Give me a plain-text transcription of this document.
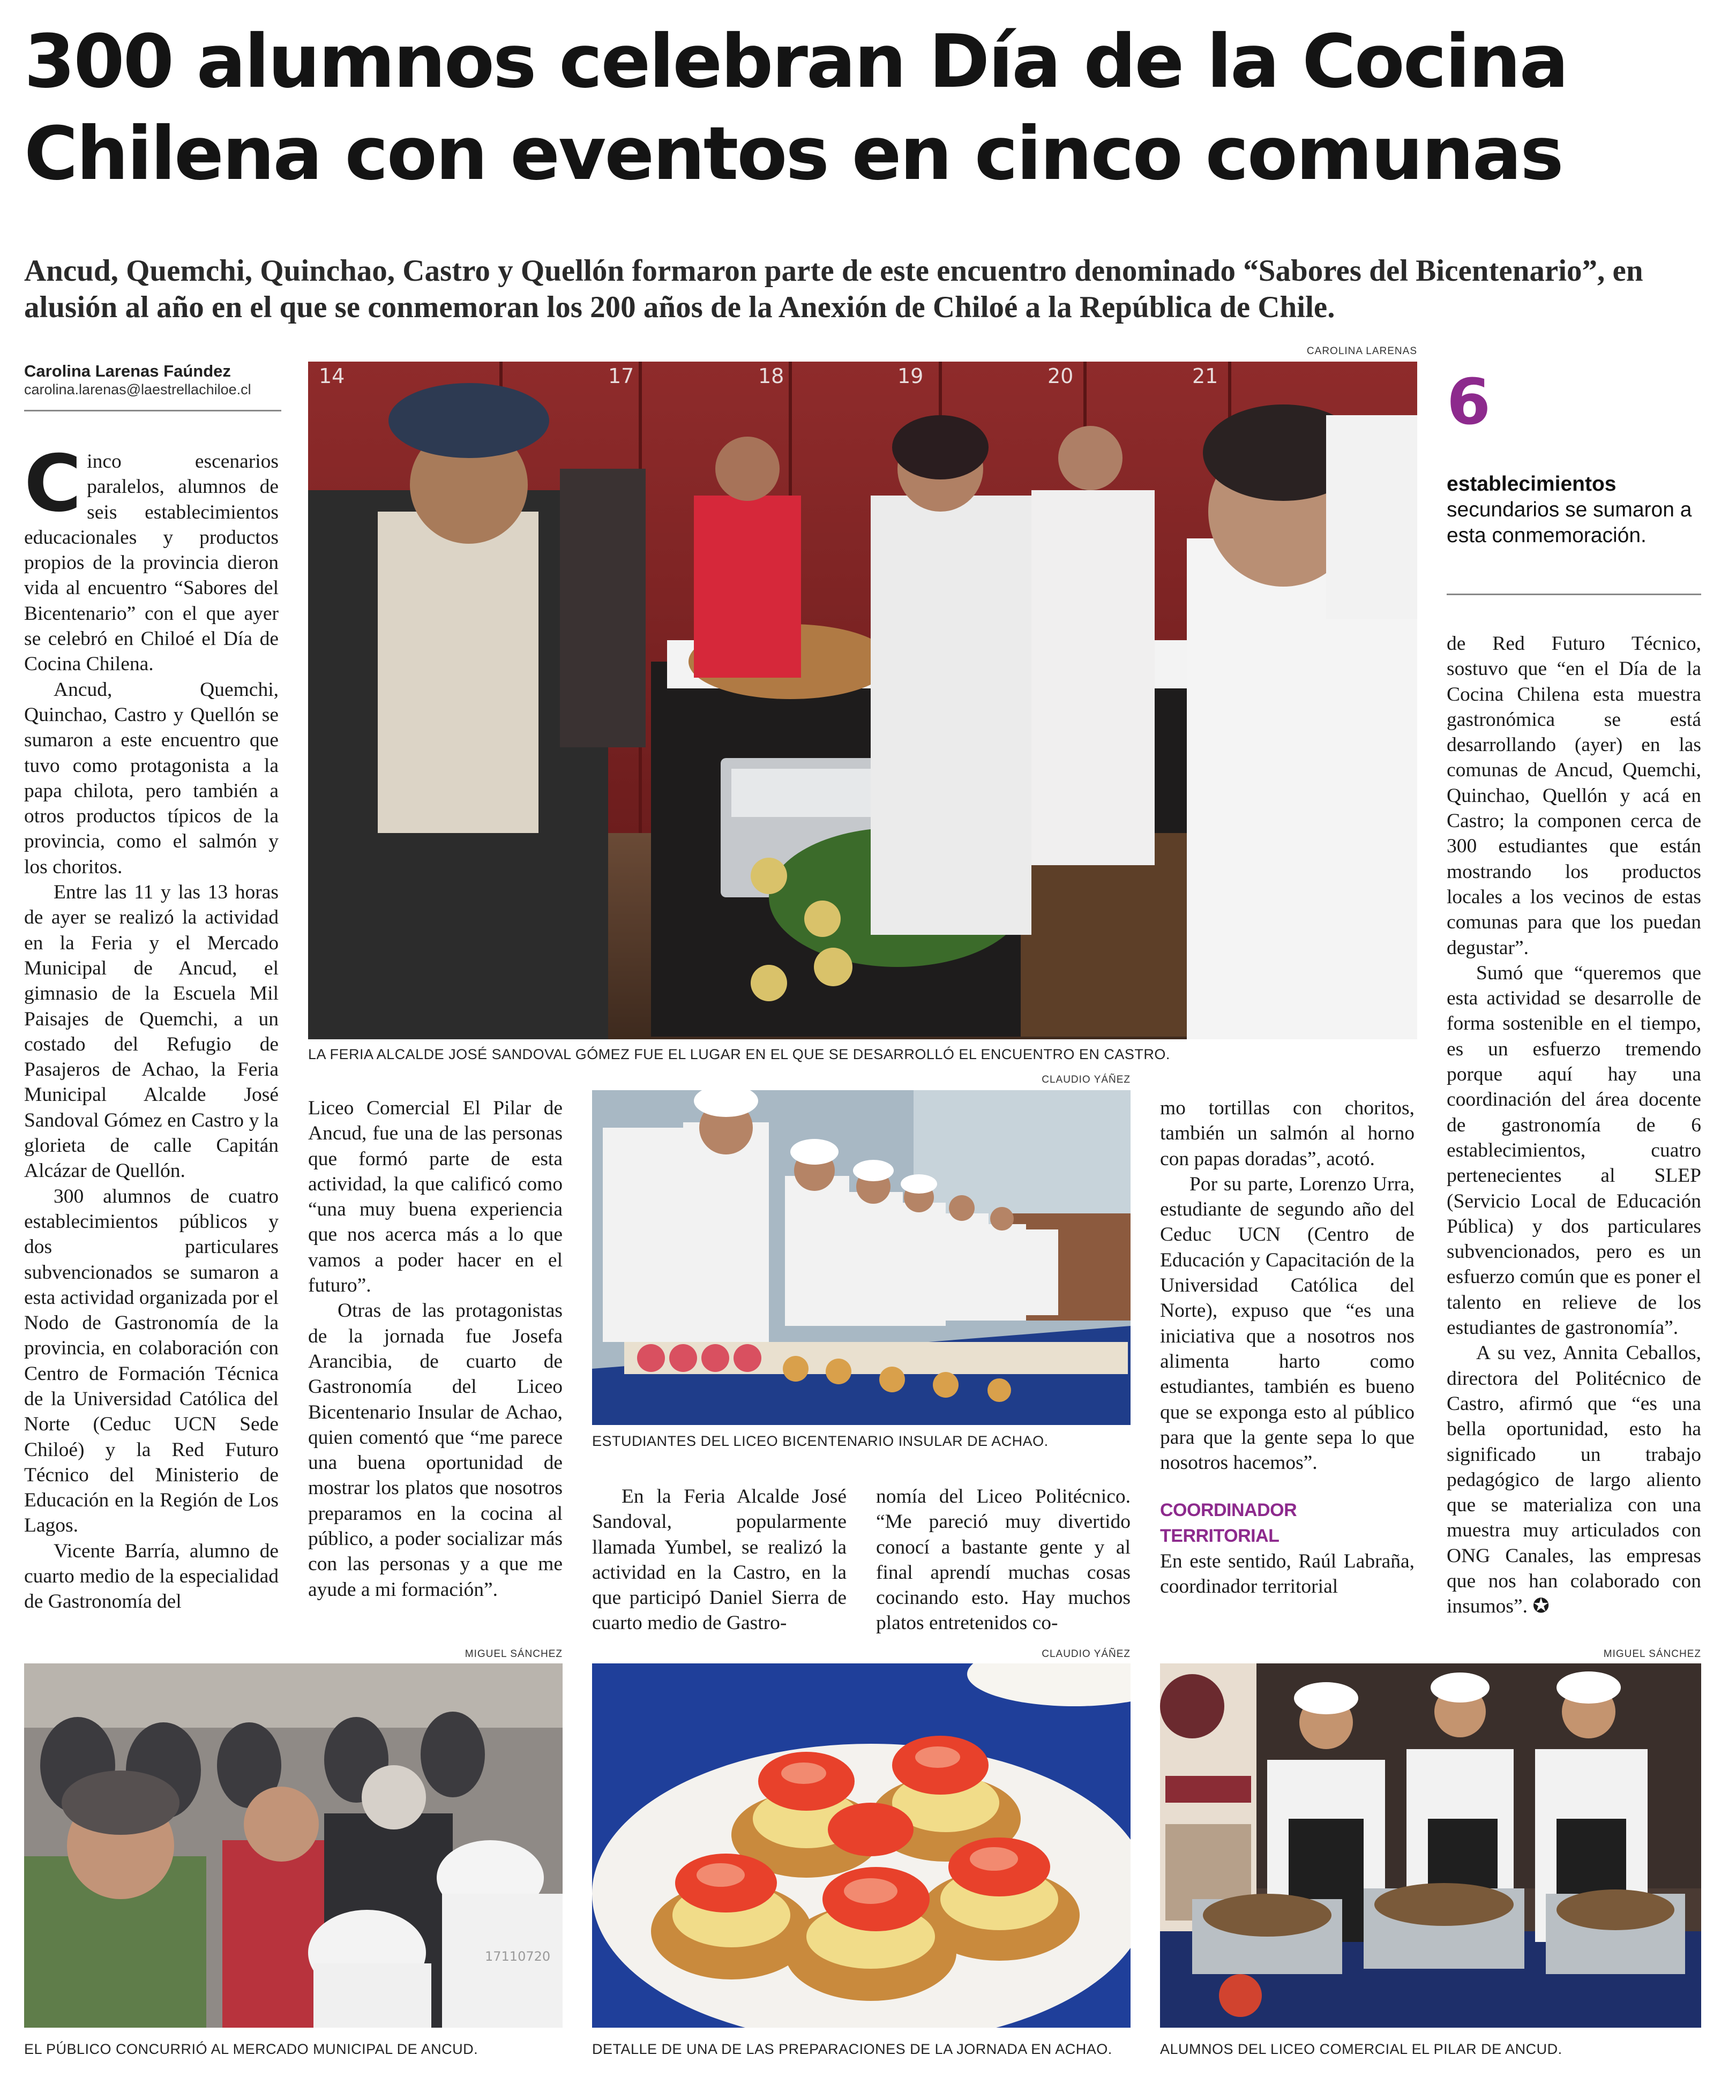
300 alumnos celebran Día de la Cocina Chilena con eventos en cinco comunas
Ancud, Quemchi, Quinchao, Castro y Quellón formaron parte de este encuentro denominado “Sabores del Bicentenario”, en alusión al año en el que se conmemoran los 200 años de la Anexión de Chiloé a la República de Chile.
Carolina Larenas Faúndez
carolina.larenas@laestrellachiloe.cl
CAROLINA LARENAS
14	17	18	19	20	21
LA FERIA ALCALDE JOSÉ SANDOVAL GÓMEZ FUE EL LUGAR EN EL QUE SE DESARROLLÓ EL ENCUENTRO EN CASTRO.
6
establecimientos
secundarios se sumaron a esta conmemoración.

Cinco escenarios paralelos, alumnos de seis establecimientos educacionales y productos propios de la provincia dieron vida al encuentro “Sabores del Bicentenario” con el que ayer se celebró en Chiloé el Día de Cocina Chilena.

Ancud, Quemchi, Quinchao, Castro y Quellón se sumaron a este encuentro que tuvo como protagonista a la papa chilota, pero también a otros productos típicos de la provincia, como el salmón y los choritos.

Entre las 11 y las 13 horas de ayer se realizó la actividad en la Feria y el Mercado Municipal de Ancud, el gimnasio de la Escuela Mil Paisajes de Quemchi, a un costado del Refugio de Pasajeros de Achao, la Feria Municipal Alcalde José Sandoval Gómez en Castro y la glorieta de calle Capitán Alcázar de Quellón.

300 alumnos de cuatro establecimientos públicos y dos particulares subvencionados se sumaron a esta actividad organizada por el Nodo de Gastronomía de la provincia, en colaboración con Centro de Formación Técnica de la Universidad Católica del Norte (Ceduc UCN Sede Chiloé) y la Red Futuro Técnico del Ministerio de Educación en la Región de Los Lagos.

Vicente Barría, alumno de cuarto medio de la especialidad de Gastronomía del

Liceo Comercial El Pilar de Ancud, fue una de las personas que formó parte de esta actividad, la que calificó como “una muy buena experiencia que nos acerca más a lo que vamos a poder hacer en el futuro”.

Otras de las protagonistas de la jornada fue Josefa Arancibia, de cuarto de Gastronomía del Liceo Bicentenario Insular de Achao, quien comentó que “me parece una buena oportunidad de mostrar los platos que nosotros preparamos en la cocina al público, a poder socializar más con las personas y a que me ayude a mi formación”.

CLAUDIO YÁÑEZ
ESTUDIANTES DEL LICEO BICENTENARIO INSULAR DE ACHAO.

En la Feria Alcalde José Sandoval, popularmente llamada Yumbel, se realizó la actividad en la Castro, en la que participó Daniel Sierra de cuarto medio de Gastro-

nomía del Liceo Politécnico. “Me pareció muy divertido conocí a bastante gente y al final aprendí muchas cosas cocinando esto. Hay muchos platos entretenidos co-

mo tortillas con choritos, también un salmón al horno con papas doradas”, acotó.

Por su parte, Lorenzo Urra, estudiante de segundo año del Ceduc UCN (Centro de Educación y Capacitación de la Universidad Católica del Norte), expuso que “es una iniciativa que a nosotros nos alimenta harto como estudiantes, también es bueno que se exponga esto al público para que la gente sepa lo que nosotros hacemos”.

COORDINADOR TERRITORIAL

En este sentido, Raúl Labraña, coordinador territorial

de Red Futuro Técnico, sostuvo que “en el Día de la Cocina Chilena esta muestra gastronómica se está desarrollando (ayer) en las comunas de Ancud, Quemchi, Quinchao, Quellón y acá en Castro; la componen cerca de 300 estudiantes que están mostrando los productos locales a los vecinos de estas comunas para que los puedan degustar”.

Sumó que “queremos que esta actividad se desarrolle de forma sostenible en el tiempo, es un esfuerzo tremendo porque aquí hay una coordinación del área docente de gastronomía de 6 establecimientos, cuatro pertenecientes al SLEP (Servicio Local de Educación Pública) y dos particulares subvencionados, pero es un esfuerzo común que es poner el talento en relieve de los estudiantes de gastronomía”.

A su vez, Annita Ceballos, directora del Politécnico de Castro, afirmó que “es una bella oportunidad, esto ha significado un trabajo pedagógico de largo aliento que se materializa con una muestra muy articulados con ONG Canales, las empresas que nos han colaborado con insumos”. ✪

MIGUEL SÁNCHEZ
17110720
EL PÚBLICO CONCURRIÓ AL MERCADO MUNICIPAL DE ANCUD.
CLAUDIO YÁÑEZ
DETALLE DE UNA DE LAS PREPARACIONES DE LA JORNADA EN ACHAO.
MIGUEL SÁNCHEZ
ALUMNOS DEL LICEO COMERCIAL EL PILAR DE ANCUD.
